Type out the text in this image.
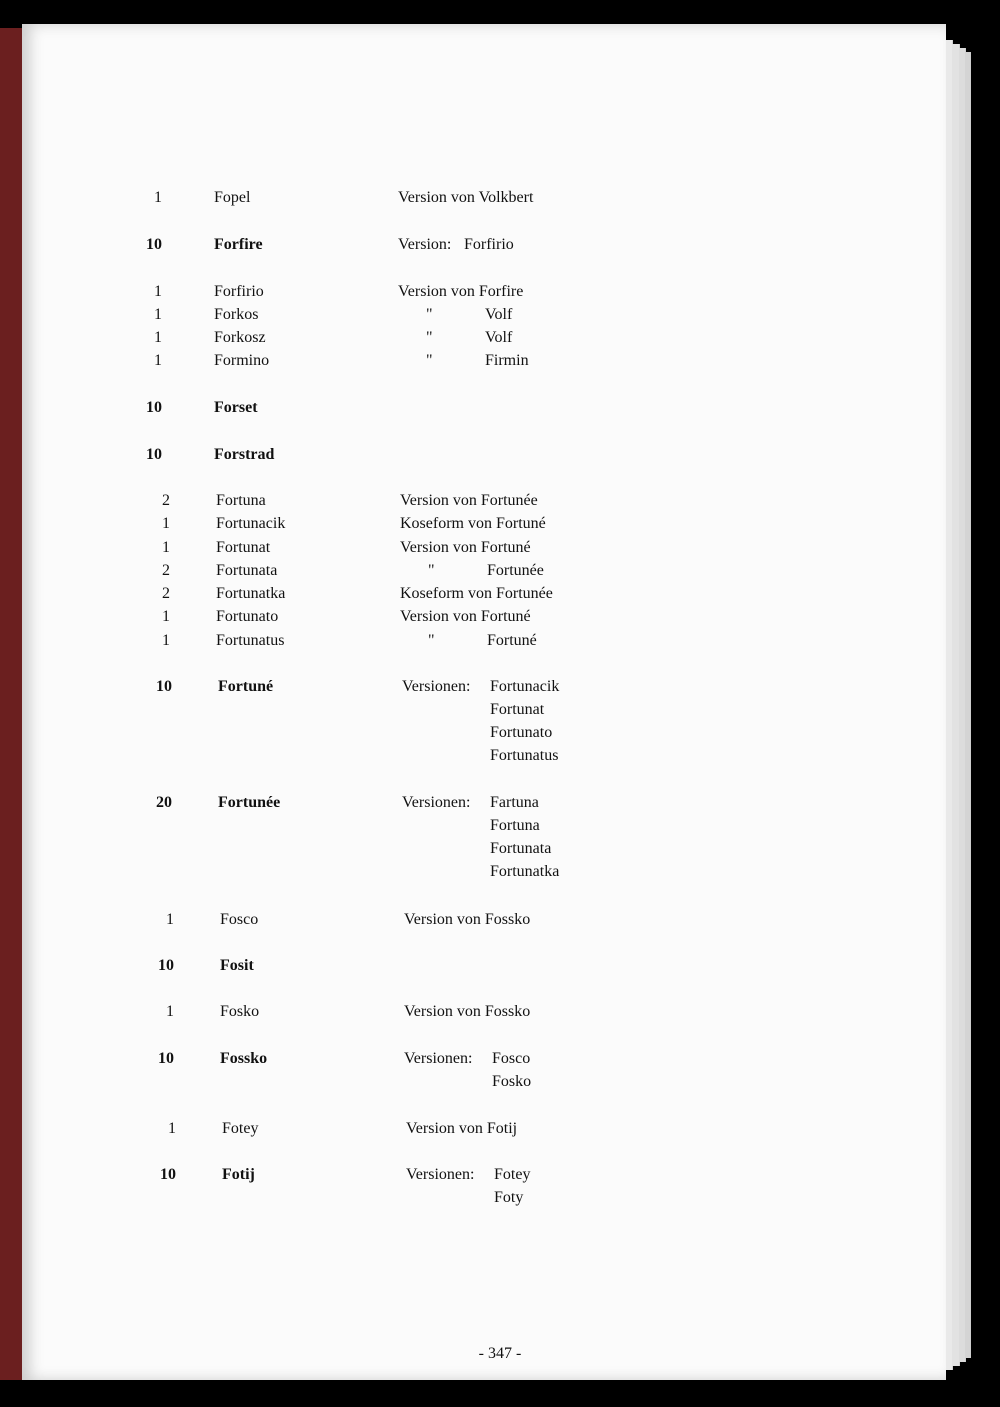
1	Fopel	Version von Volkbert
10	Forfire	Version: Forfirio
1	Forfirio	Version von Forfire
1	Forkos	"	Volf
1	Forkosz	"	Volf
1	Formino	"	Firmin
10	Forset
10	Forstrad
2	Fortuna	Version von Fortunée
1	Fortunacik	Koseform von Fortuné
1	Fortunat	Version von Fortuné
2	Fortunata	"	Fortunée
2	Fortunatka	Koseform von Fortunée
1	Fortunato	Version von Fortuné
1	Fortunatus	"	Fortuné
10	Fortuné	Versionen: Fortunacik
Fortunat
Fortunato
Fortunatus
20	Fortunée	Versionen: Fartuna
Fortuna
Fortunata
Fortunatka
1	Fosco	Version von Fossko
10	Fosit
1	Fosko	Version von Fossko
10	Fossko	Versionen: Fosco
Fosko
1	Fotey	Version von Fotij
10	Fotij	Versionen: Fotey
Foty
- 347 -
